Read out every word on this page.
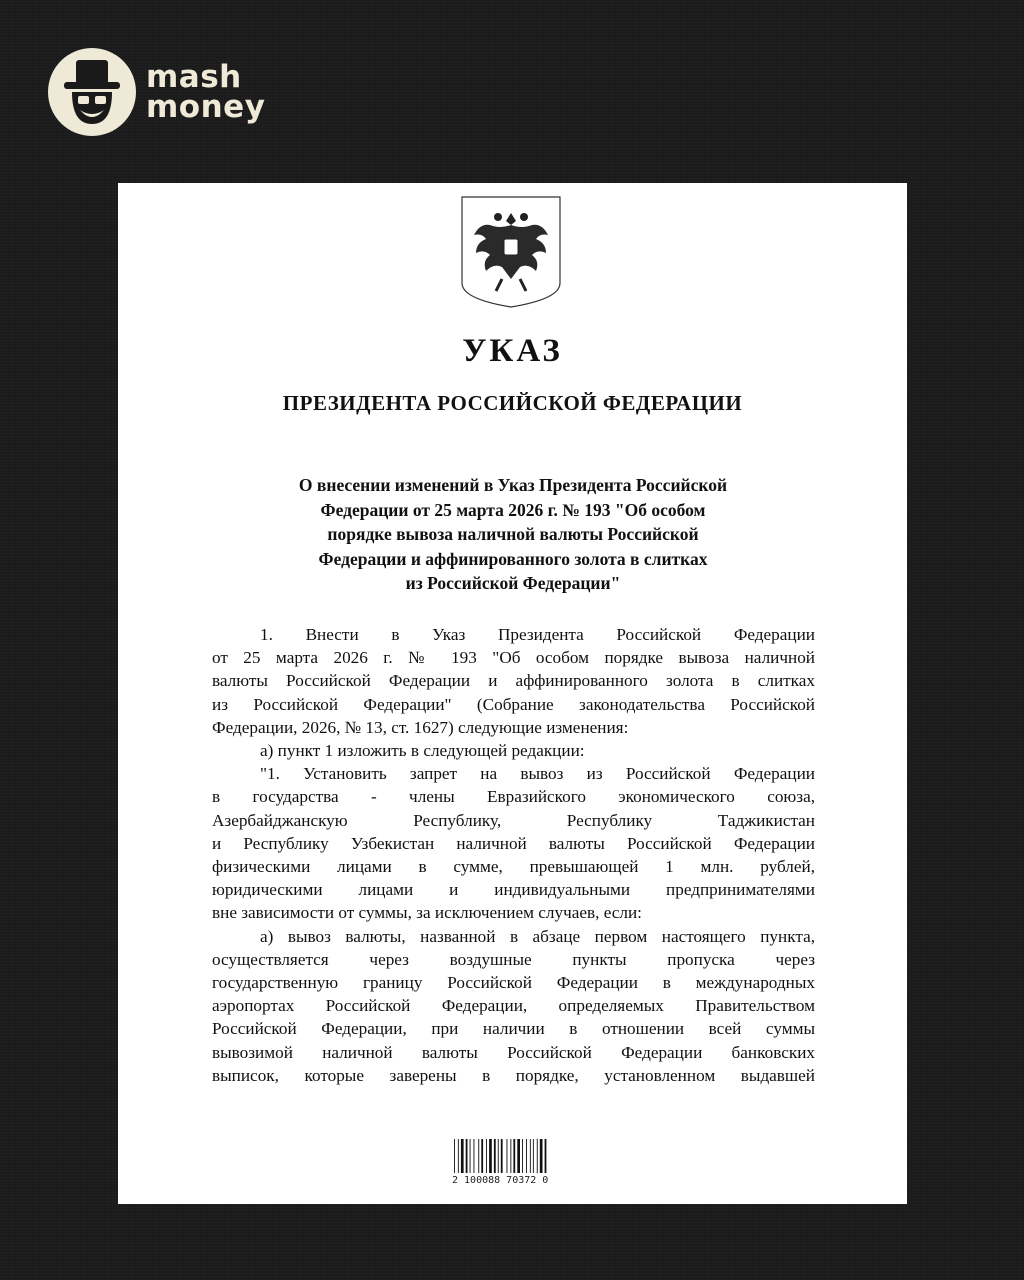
mash
money
УКАЗ
ПРЕЗИДЕНТА РОССИЙСКОЙ ФЕДЕРАЦИИ
О внесении изменений в Указ Президента Российской
Федерации от 25 марта 2026 г. № 193 "Об особом
порядке вывоза наличной валюты Российской
Федерации и аффинированного золота в слитках
из Российской Федерации"
1. Внести в Указ Президента Российской Федерации
от 25 марта 2026 г. № 193 "Об особом порядке вывоза наличной
валюты Российской Федерации и аффинированного золота в слитках
из Российской Федерации" (Собрание законодательства Российской
Федерации, 2026, № 13, ст. 1627) следующие изменения:
а) пункт 1 изложить в следующей редакции:
"1. Установить запрет на вывоз из Российской Федерации
в государства - члены Евразийского экономического союза,
Азербайджанскую Республику, Республику Таджикистан
и Республику Узбекистан наличной валюты Российской Федерации
физическими лицами в сумме, превышающей 1 млн. рублей,
юридическими лицами и индивидуальными предпринимателями
вне зависимости от суммы, за исключением случаев, если:
а) вывоз валюты, названной в абзаце первом настоящего пункта,
осуществляется через воздушные пункты пропуска через
государственную границу Российской Федерации в международных
аэропортах Российской Федерации, определяемых Правительством
Российской Федерации, при наличии в отношении всей суммы
вывозимой наличной валюты Российской Федерации банковских
выписок, которые заверены в порядке, установленном выдавшей
2 100088 70372 0
